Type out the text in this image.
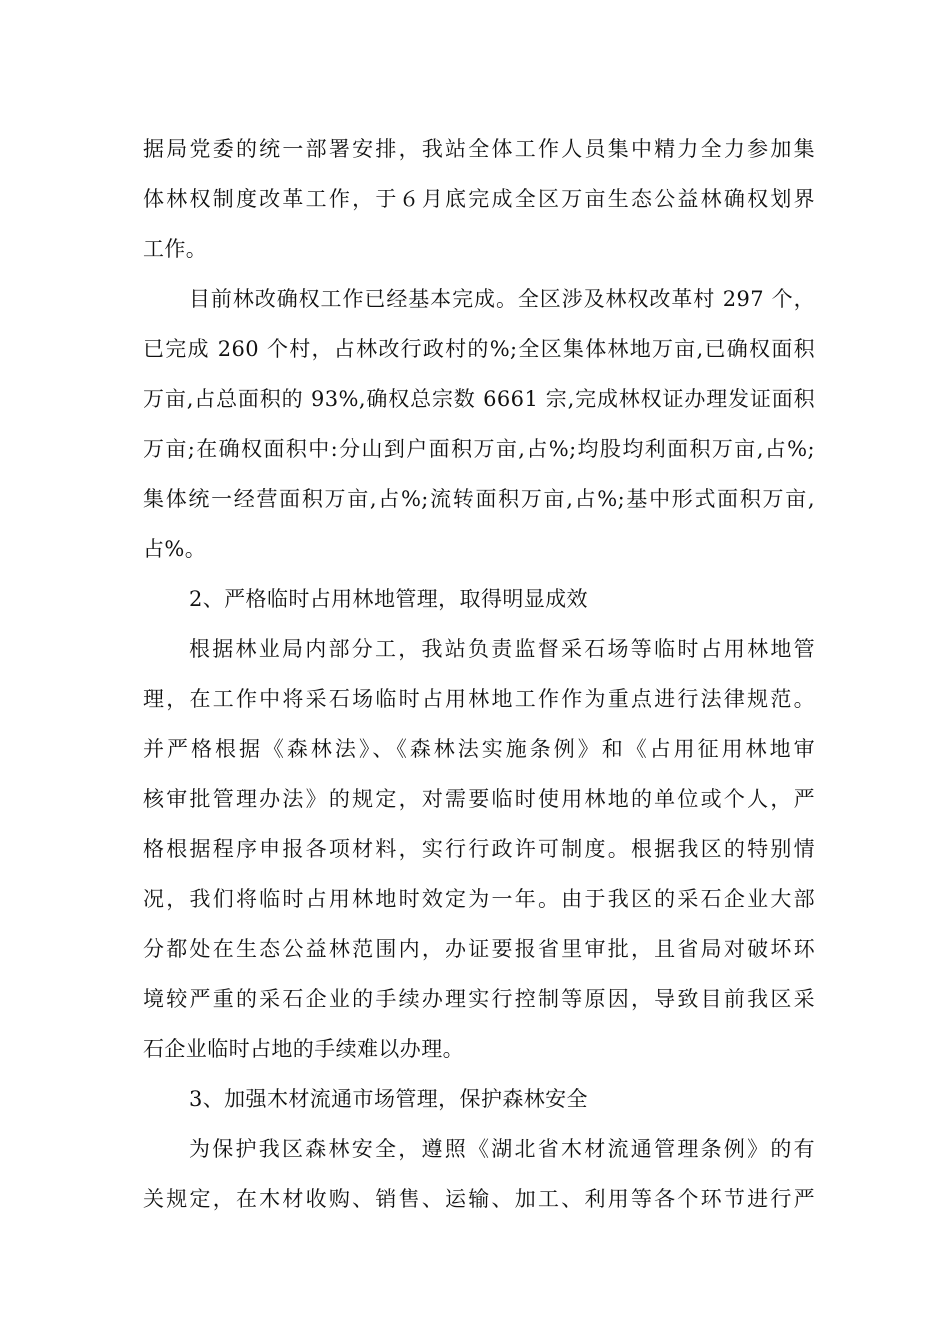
据局党委的统一部署安排，我站全体工作人员集中精力全力参加集
体林权制度改革工作，于６月底完成全区万亩生态公益林确权划界
工作。
目前林改确权工作已经基本完成。全区涉及林权改革村 297 个，
已完成 260 个村，占林改行政村的%;全区集体林地万亩,已确权面积
万亩,占总面积的 93%,确权总宗数 6661 宗,完成林权证办理发证面积
万亩;在确权面积中:分山到户面积万亩,占%;均股均利面积万亩,占%;
集体统一经营面积万亩,占%;流转面积万亩,占%;基中形式面积万亩,
占%。
2、严格临时占用林地管理，取得明显成效
根据林业局内部分工，我站负责监督采石场等临时占用林地管
理，在工作中将采石场临时占用林地工作作为重点进行法律规范。
并严格根据《森林法》、《森林法实施条例》和《占用征用林地审
核审批管理办法》的规定，对需要临时使用林地的单位或个人，严
格根据程序申报各项材料，实行行政许可制度。根据我区的特别情
况，我们将临时占用林地时效定为一年。由于我区的采石企业大部
分都处在生态公益林范围内，办证要报省里审批，且省局对破坏环
境较严重的采石企业的手续办理实行控制等原因，导致目前我区采
石企业临时占地的手续难以办理。
3、加强木材流通市场管理，保护森林安全
为保护我区森林安全，遵照《湖北省木材流通管理条例》的有
关规定，在木材收购、销售、运输、加工、利用等各个环节进行严
